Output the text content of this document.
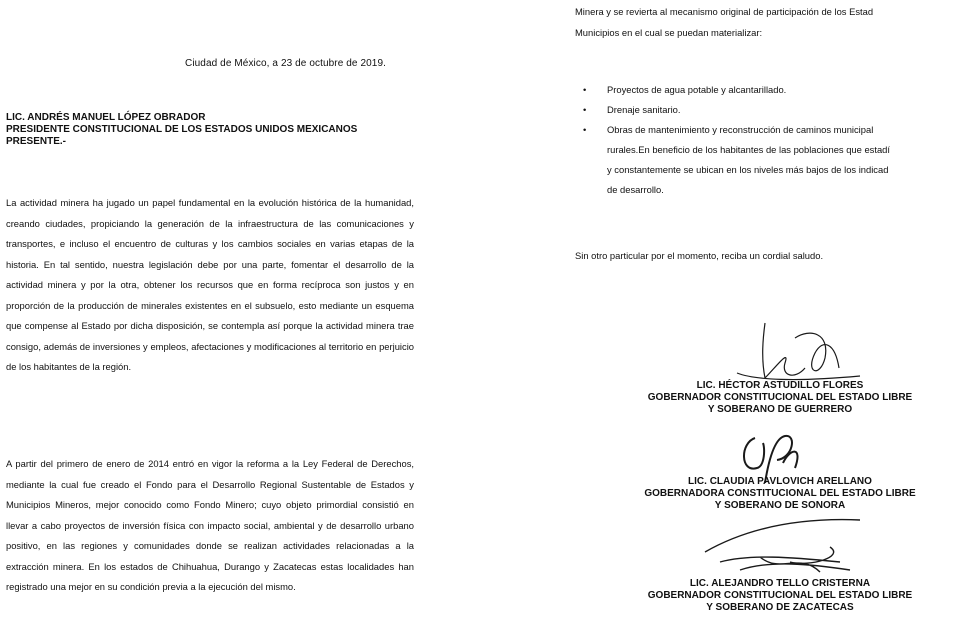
Ciudad de México, a 23 de octubre de 2019.
LIC. ANDRÉS MANUEL LÓPEZ OBRADOR
PRESIDENTE CONSTITUCIONAL DE LOS ESTADOS UNIDOS MEXICANOS
PRESENTE.-
La actividad minera ha jugado un papel fundamental en la evolución histórica de la humanidad, creando ciudades, propiciando la generación de la infraestructura de las comunicaciones y transportes, e incluso el encuentro de culturas y los cambios sociales en varias etapas de la historia. En tal sentido, nuestra legislación debe por una parte, fomentar el desarrollo de la actividad minera y por la otra, obtener los recursos que en forma recíproca son justos y en proporción de la producción de minerales existentes en el subsuelo, esto mediante un esquema que compense al Estado por dicha disposición, se contempla así porque la actividad minera trae consigo, además de inversiones y empleos, afectaciones y modificaciones al territorio en perjuicio de los habitantes de la región.
A partir del primero de enero de 2014 entró en vigor la reforma a la Ley Federal de Derechos, mediante la cual fue creado el Fondo para el Desarrollo Regional Sustentable de Estados y Municipios Mineros, mejor conocido como Fondo Minero; cuyo objeto primordial consistió en llevar a cabo proyectos de inversión física con impacto social, ambiental y de desarrollo urbano positivo, en las regiones y comunidades donde se realizan actividades relacionadas a la extracción minera. En los estados de Chihuahua, Durango y Zacatecas estas localidades han registrado una mejor en su condición previa a la ejecución del mismo.
Minera y se revierta al mecanismo original de participación de los Estad
Municipios en el cual se puedan materializar:
• Proyectos de agua potable y alcantarillado.
• Drenaje sanitario.
• Obras de mantenimiento y reconstrucción de caminos municipal
rurales.En beneficio de los habitantes de las poblaciones que estadí
y constantemente se ubican en los niveles más bajos de los indicad
de desarrollo.
Sin otro particular por el momento, reciba un cordial saludo.
LIC. HÉCTOR ASTUDILLO FLORES
GOBERNADOR CONSTITUCIONAL DEL ESTADO LIBRE
Y SOBERANO DE GUERRERO
LIC. CLAUDIA PAVLOVICH ARELLANO
GOBERNADORA CONSTITUCIONAL DEL ESTADO LIBRE
Y SOBERANO DE SONORA
LIC. ALEJANDRO TELLO CRISTERNA
GOBERNADOR CONSTITUCIONAL DEL ESTADO LIBRE
Y SOBERANO DE ZACATECAS
